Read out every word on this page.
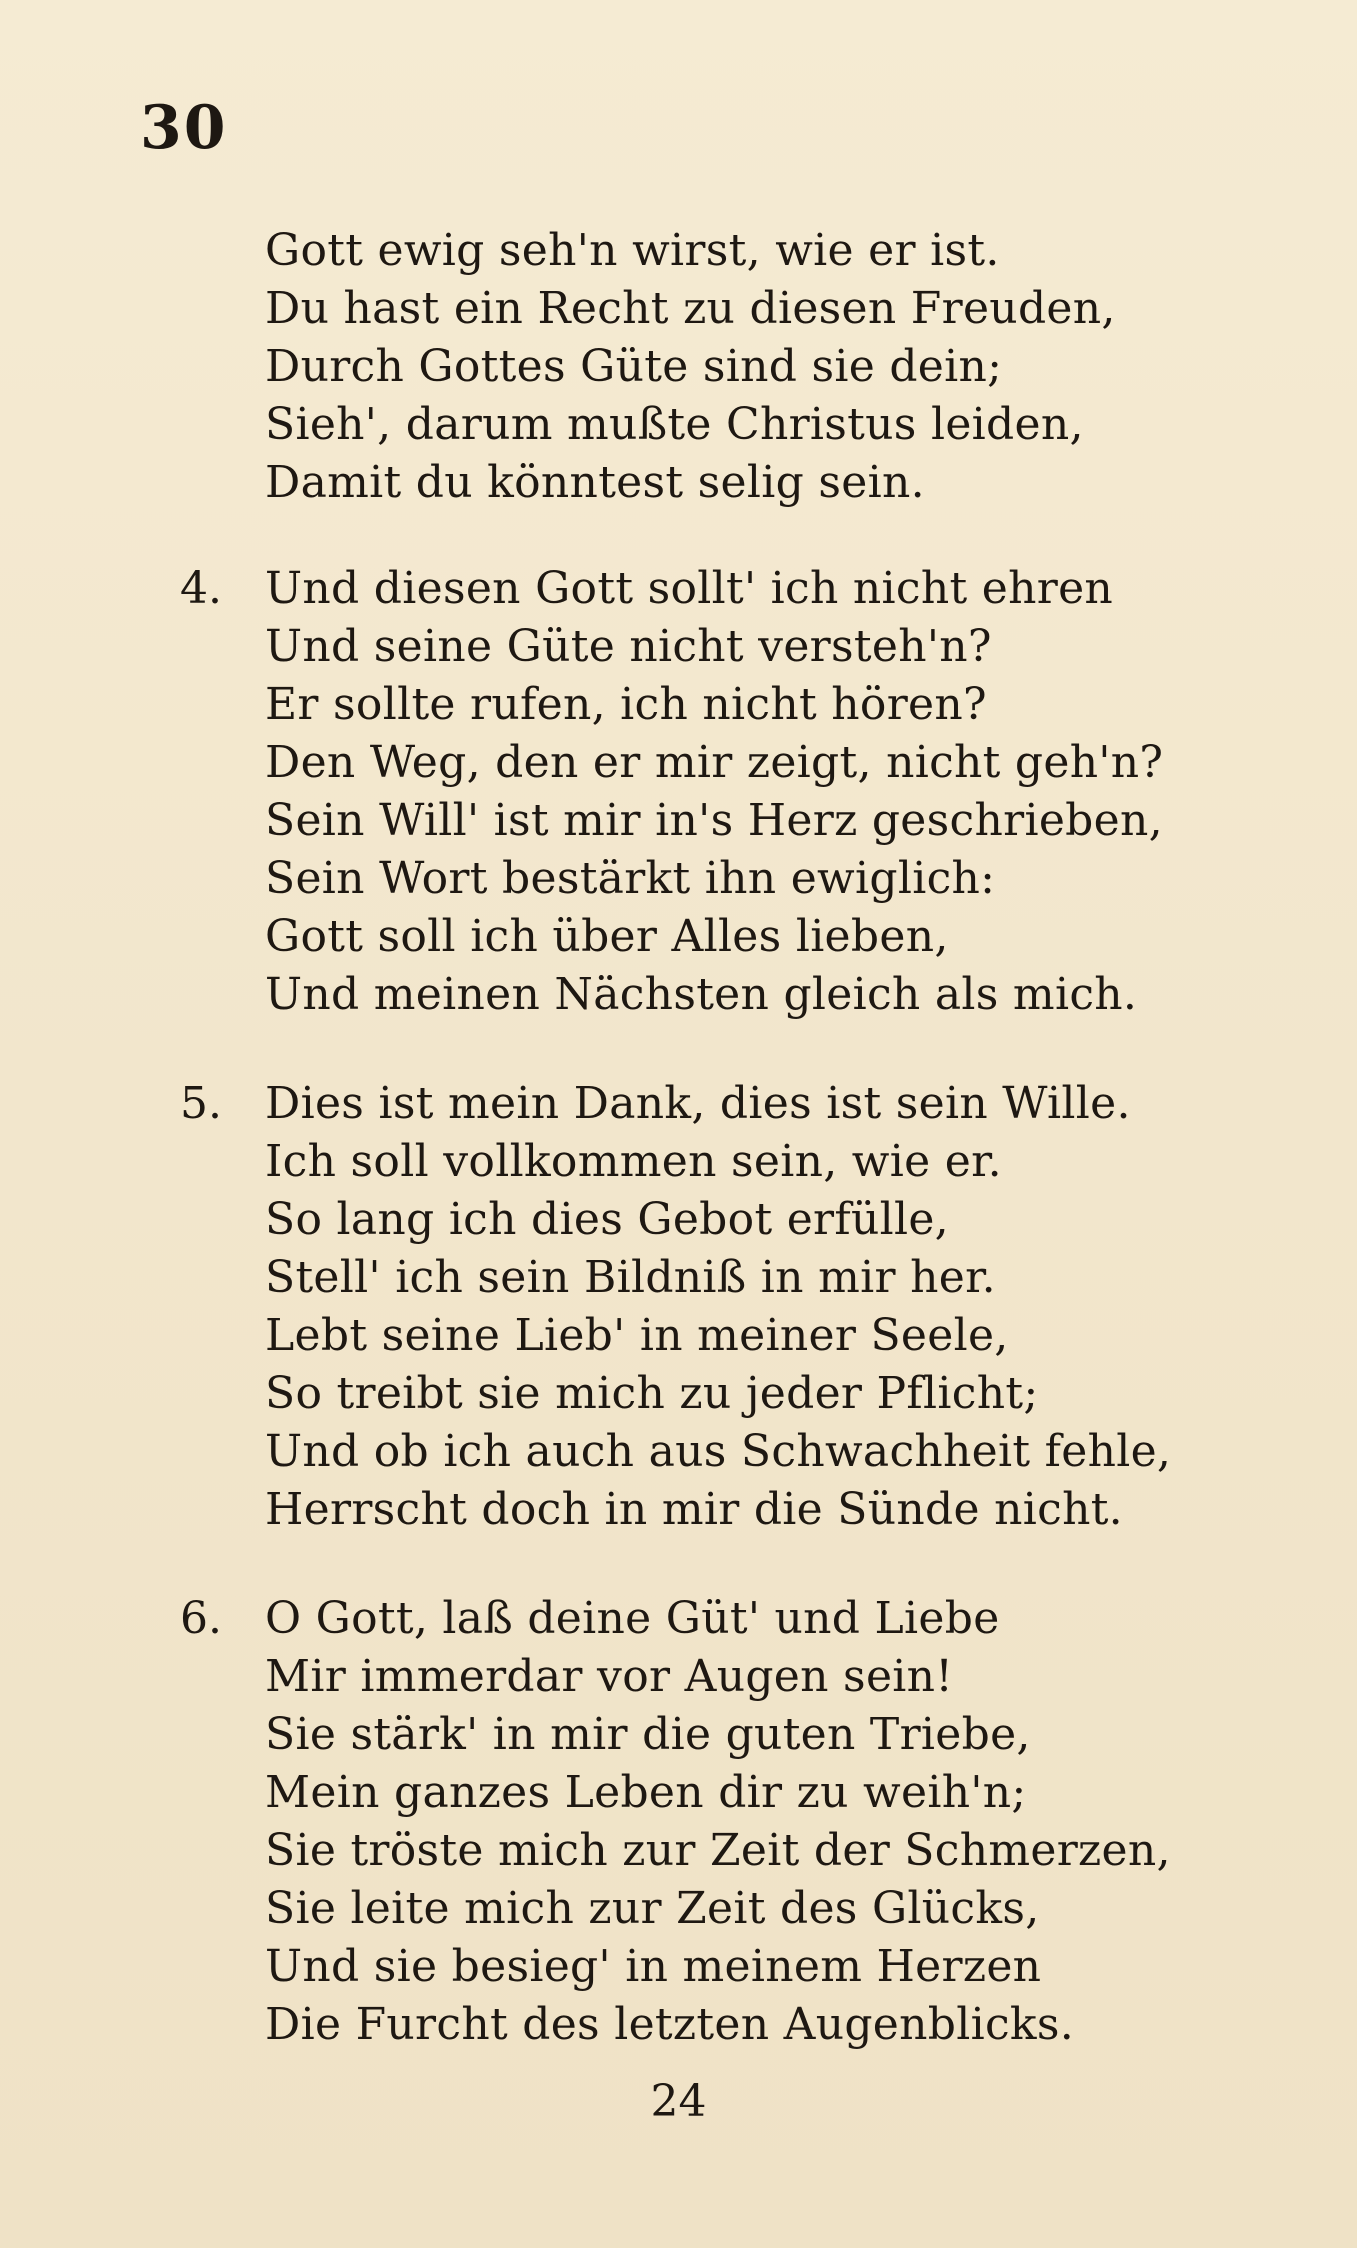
30
Gott ewig seh'n wirst, wie er ist.
Du hast ein Recht zu diesen Freuden,
Durch Gottes Güte sind sie dein;
Sieh', darum mußte Christus leiden,
Damit du könntest selig sein.
4. Und diesen Gott sollt' ich nicht ehren
Und seine Güte nicht versteh'n?
Er sollte rufen, ich nicht hören?
Den Weg, den er mir zeigt, nicht geh'n?
Sein Will' ist mir in's Herz geschrieben,
Sein Wort bestärkt ihn ewiglich:
Gott soll ich über Alles lieben,
Und meinen Nächsten gleich als mich.
5. Dies ist mein Dank, dies ist sein Wille.
Ich soll vollkommen sein, wie er.
So lang ich dies Gebot erfülle,
Stell' ich sein Bildniß in mir her.
Lebt seine Lieb' in meiner Seele,
So treibt sie mich zu jeder Pflicht;
Und ob ich auch aus Schwachheit fehle,
Herrscht doch in mir die Sünde nicht.
6. O Gott, laß deine Güt' und Liebe
Mir immerdar vor Augen sein!
Sie stärk' in mir die guten Triebe,
Mein ganzes Leben dir zu weih'n;
Sie tröste mich zur Zeit der Schmerzen,
Sie leite mich zur Zeit des Glücks,
Und sie besieg' in meinem Herzen
Die Furcht des letzten Augenblicks.
24
